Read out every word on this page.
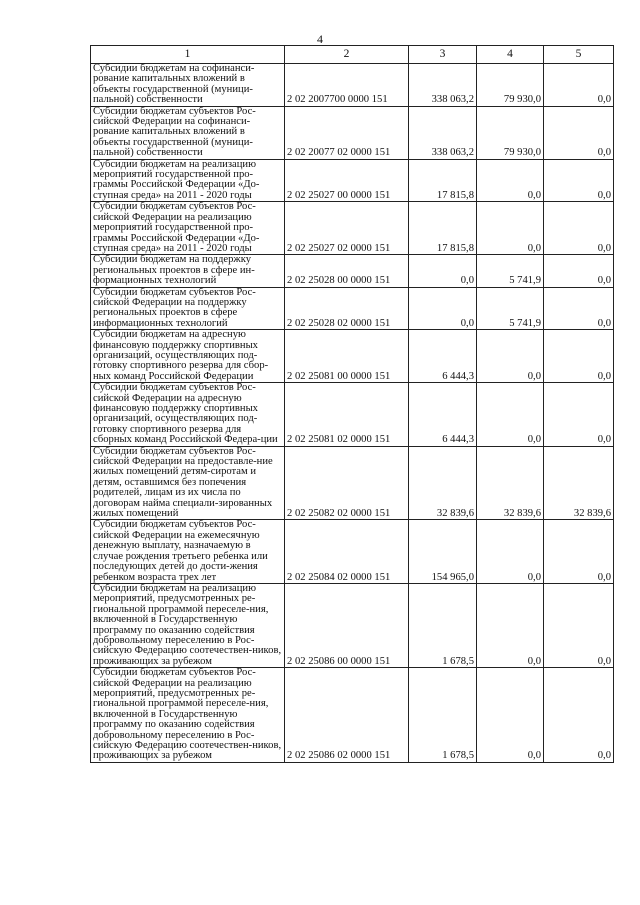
4
1	2	3	4	5
Субсидии бюджетам на софинанси-рование капитальных вложений в объекты государственной (муници-пальной) собственности	2 02 2007700 0000 151	338 063,2	79 930,0	0,0
Субсидии бюджетам субъектов Рос-сийской Федерации на софинанси-рование капитальных вложений в объекты государственной (муници-пальной) собственности	2 02 20077 02 0000 151	338 063,2	79 930,0	0,0
Субсидии бюджетам на реализацию мероприятий государственной про-граммы Российской Федерации «До-ступная среда» на 2011 - 2020 годы	2 02 25027 00 0000 151	17 815,8	0,0	0,0
Субсидии бюджетам субъектов Рос-сийской Федерации на реализацию мероприятий государственной про-граммы Российской Федерации «До-ступная среда» на 2011 - 2020 годы	2 02 25027 02 0000 151	17 815,8	0,0	0,0
Субсидии бюджетам на поддержку региональных проектов в сфере ин-формационных технологий	2 02 25028 00 0000 151	0,0	5 741,9	0,0
Субсидии бюджетам субъектов Рос-сийской Федерации на поддержку региональных проектов в сфере информационных технологий	2 02 25028 02 0000 151	0,0	5 741,9	0,0
Субсидии бюджетам на адресную финансовую поддержку спортивных организаций, осуществляющих под-готовку спортивного резерва для сбор-ных команд Российской Федерации	2 02 25081 00 0000 151	6 444,3	0,0	0,0
Субсидии бюджетам субъектов Рос-сийской Федерации на адресную финансовую поддержку спортивных организаций, осуществляющих под-готовку спортивного резерва для сборных команд Российской Федера-ции	2 02 25081 02 0000 151	6 444,3	0,0	0,0
Субсидии бюджетам субъектов Рос-сийской Федерации на предоставле-ние жилых помещений детям-сиротам и детям, оставшимся без попечения родителей, лицам из их числа по договорам найма специали-зированных жилых помещений	2 02 25082 02 0000 151	32 839,6	32 839,6	32 839,6
Субсидии бюджетам субъектов Рос-сийской Федерации на ежемесячную денежную выплату, назначаемую в случае рождения третьего ребенка или последующих детей до дости-жения ребенком возраста трех лет	2 02 25084 02 0000 151	154 965,0	0,0	0,0
Субсидии бюджетам на реализацию мероприятий, предусмотренных ре-гиональной программой переселе-ния, включенной в Государственную программу по оказанию содействия добровольному переселению в Рос-сийскую Федерацию соотечествен-ников, проживающих за рубежом	2 02 25086 00 0000 151	1 678,5	0,0	0,0
Субсидии бюджетам субъектов Рос-сийской Федерации на реализацию мероприятий, предусмотренных ре-гиональной программой переселе-ния, включенной в Государственную программу по оказанию содействия добровольному переселению в Рос-сийскую Федерацию соотечествен-ников, проживающих за рубежом	2 02 25086 02 0000 151	1 678,5	0,0	0,0
